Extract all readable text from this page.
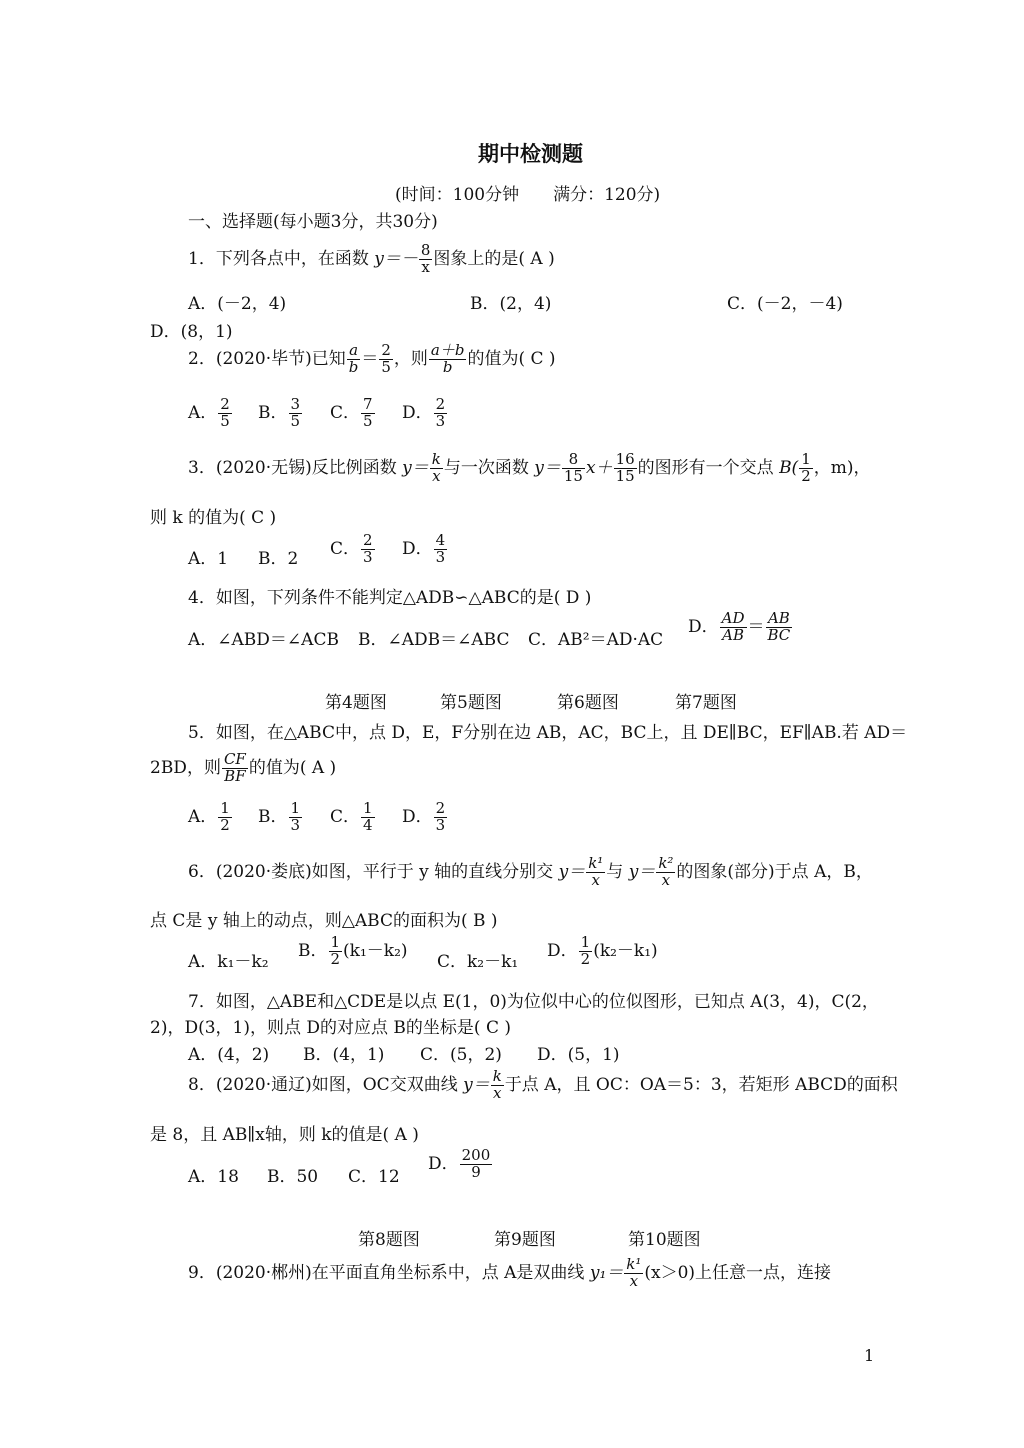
期中检测题
(时间：100分钟　　满分：120分)
一、选择题(每小题3分，共30分)
1．下列各点中，在函数 $y=- \frac{8}{x}$ 图象上的是( A )
A．(－2，4)	B．(2，4)	C．(－2，－4)
D．(8，1)
2．(2020·毕节)已知 $\frac{a}{b} = \frac{2}{5}$ ，则 $\frac{a+b}{b}$ 的值为( C )
A． $\frac{2}{5}$ B． $\frac{3}{5}$ C． $\frac{7}{5}$ D． $\frac{2}{3}$
3．(2020·无锡)反比例函数 $y= \frac{k}{x}$ 与一次函数 $y= \frac{8}{15} x+ \frac{16}{15}$ 的图形有一个交点 $B( \frac{1}{2}$ ，m)，
则 k 的值为( C )
A．1 B．2
C． $\frac{2}{3}$ D． $\frac{4}{3}$
4．如图，下列条件不能判定△ADB∽△ABC的是( D )
A．∠ABD＝∠ACB B．∠ADB＝∠ABC C．AB²＝AD·AC
D． $\frac{AD}{AB} = \frac{AB}{BC}$
第4题图	第5题图	第6题图	第7题图
5．如图，在△ABC中，点 D，E，F分别在边 AB，AC，BC上，且 DE∥BC，EF∥AB.若 AD＝
2BD，则 $\frac{CF}{BF}$ 的值为( A )
A． $\frac{1}{2}$ B． $\frac{1}{3}$ C． $\frac{1}{4}$ D． $\frac{2}{3}$
6．(2020·娄底)如图，平行于 y 轴的直线分别交 $y= \frac{\text{k¹}}{x}$ 与 $y= \frac{\text{k²}}{x}$ 的图象(部分)于点 A，B，
点 C是 y 轴上的动点，则△ABC的面积为( B )
A．k₁－k₂
B． $\frac{1}{2} (k_1-k_2)$
C．k₂－k₁
D． $\frac{1}{2} (k_2-k_1)$
7．如图，△ABE和△CDE是以点 E(1，0)为位似中心的位似图形，已知点 A(3，4)，C(2，
2)，D(3，1)，则点 D的对应点 B的坐标是( C )
A．(4，2) B．(4，1) C．(5，2) D．(5，1)
8．(2020·通辽)如图，OC交双曲线 $y= \frac{k}{x}$ 于点 A，且 OC：OA＝5：3，若矩形 ABCD的面积
是 8，且 AB∥x轴，则 k的值是( A )
A．18 B．50 C．12
D． $\frac{200}{9}$
第8题图	第9题图	第10题图
9．(2020·郴州)在平面直角坐标系中，点 A是双曲线 $y_1= \frac{\text{k¹}}{x} (x>0)$上任意一点，连接
1
